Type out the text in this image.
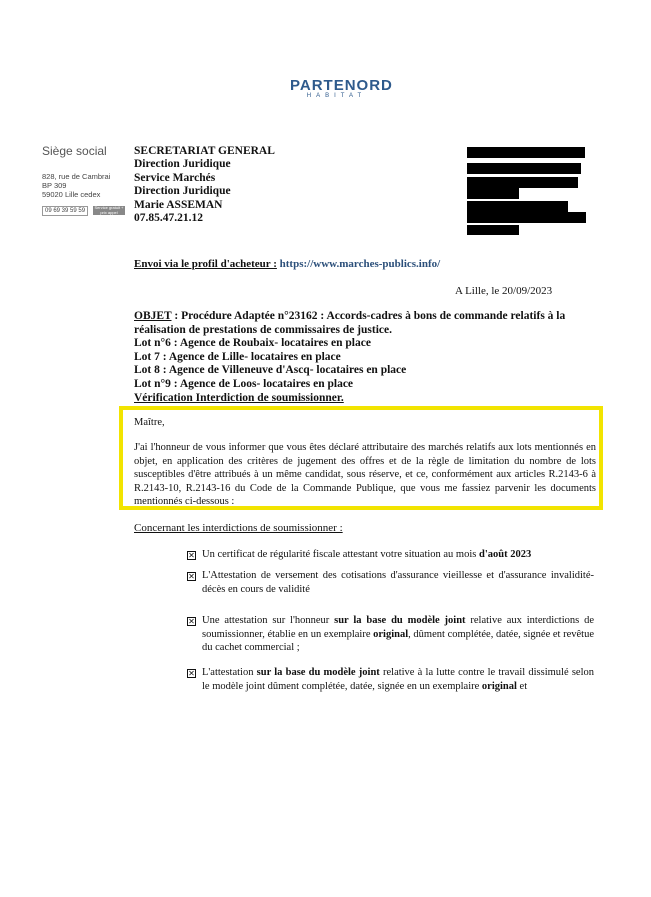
PARTENORD
HABITAT
Siège social
828, rue de Cambrai
BP 309
59020 Lille cedex
09 69 39 59 59
Service gratuit + prix appel
SECRETARIAT GENERAL
Direction Juridique
Service Marchés
Direction Juridique
Marie ASSEMAN
07.85.47.21.12
Envoi via le profil d'acheteur : https://www.marches-publics.info/
A Lille, le 20/09/2023
OBJET : Procédure Adaptée n°23162 : Accords-cadres à bons de commande relatifs à la réalisation de prestations de commissaires de justice.
Lot n°6 : Agence de Roubaix- locataires en place
Lot 7 : Agence de Lille- locataires en place
Lot 8 : Agence de Villeneuve d'Ascq- locataires en place
Lot n°9 : Agence de Loos- locataires en place
Vérification Interdiction de soumissionner.
Maître,
J'ai l'honneur de vous informer que vous êtes déclaré attributaire des marchés relatifs aux lots mentionnés en objet, en application des critères de jugement des offres et de la règle de limitation du nombre de lots susceptibles d'être attribués à un même candidat, sous réserve, et ce, conformément aux articles R.2143-6 à R.2143-10, R.2143-16 du Code de la Commande Publique, que vous me fassiez parvenir les documents mentionnés ci-dessous :
Concernant les interdictions de soumissionner :
✕ Un certificat de régularité fiscale attestant votre situation au mois d'août 2023
✕ L'Attestation de versement des cotisations d'assurance vieillesse et d'assurance invalidité-décès en cours de validité
✕ Une attestation sur l'honneur sur la base du modèle joint relative aux interdictions de soumissionner, établie en un exemplaire original, dûment complétée, datée, signée et revêtue du cachet commercial ;
✕ L'attestation sur la base du modèle joint relative à la lutte contre le travail dissimulé selon le modèle joint dûment complétée, datée, signée en un exemplaire original et
